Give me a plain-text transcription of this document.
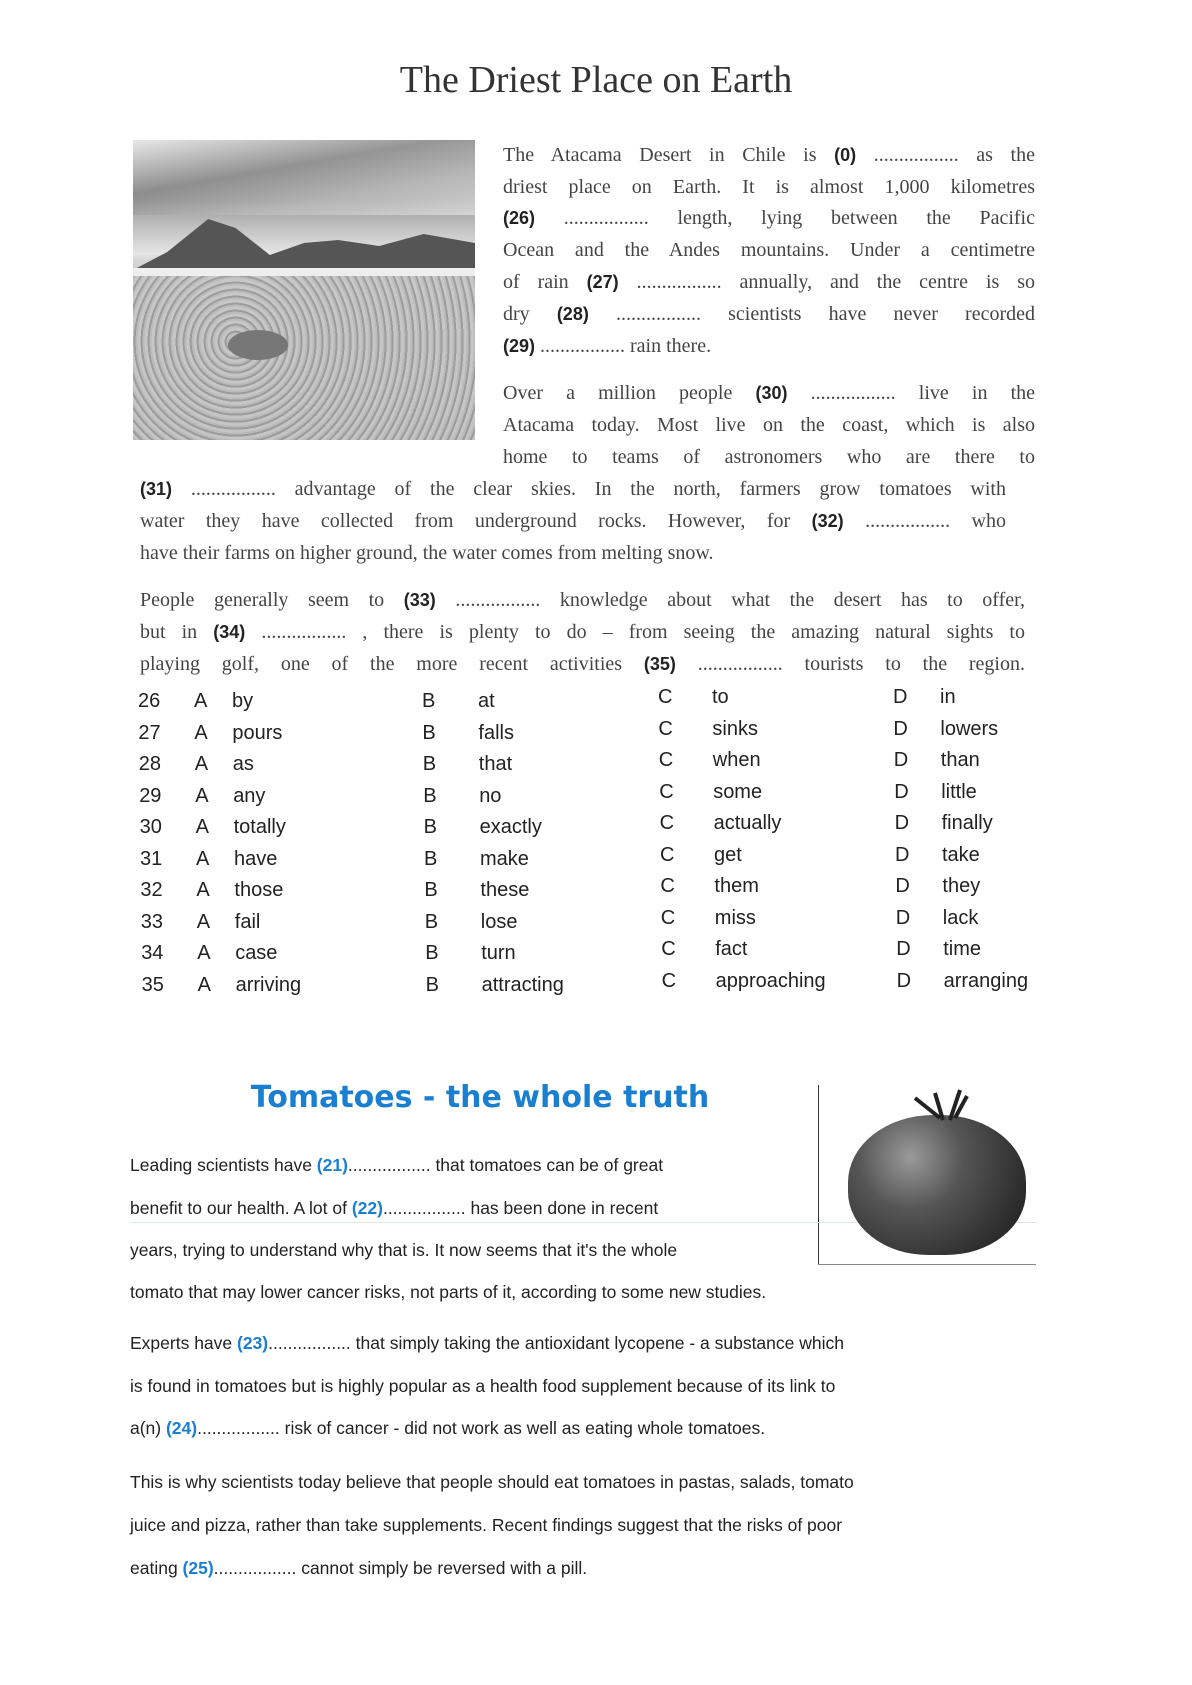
The Driest Place on Earth
The Atacama Desert in Chile is (0) ................. as the
driest place on Earth. It is almost 1,000 kilometres
(26) ................. length, lying between the Pacific
Ocean and the Andes mountains. Under a centimetre
of rain (27) ................. annually, and the centre is so
dry (28) ................. scientists have never recorded
(29) ................. rain there.
Over a million people (30) ................. live in the
Atacama today. Most live on the coast, which is also
home to teams of astronomers who are there to
(31) ................. advantage of the clear skies. In the north, farmers grow tomatoes with
water they have collected from underground rocks. However, for (32) ................. who
have their farms on higher ground, the water comes from melting snow.
People generally seem to (33) ................. knowledge about what the desert has to offer,
but in (34) ................. , there is plenty to do – from seeing the amazing natural sights to
playing golf, one of the more recent activities (35) ................. tourists to the region.
26 A by	B at	C to	D in
27 A pours	B falls	C sinks	D lowers
28 A as	B that	C when	D than
29 A any	B no	C some	D little
30 A totally	B exactly	C actually	D finally
31 A have	B make	C get	D take
32 A those	B these	C them	D they
33 A fail	B lose	C miss	D lack
34 A case	B turn	C fact	D time
35 A arriving	B attracting	C approaching	D arranging
Tomatoes - the whole truth
Leading scientists have (21)................. that tomatoes can be of great
benefit to our health. A lot of (22)................. has been done in recent
years, trying to understand why that is. It now seems that it's the whole
tomato that may lower cancer risks, not parts of it, according to some new studies.
Experts have (23)................. that simply taking the antioxidant lycopene - a substance which
is found in tomatoes but is highly popular as a health food supplement because of its link to
a(n) (24)................. risk of cancer - did not work as well as eating whole tomatoes.
This is why scientists today believe that people should eat tomatoes in pastas, salads, tomato
juice and pizza, rather than take supplements. Recent findings suggest that the risks of poor
eating (25)................. cannot simply be reversed with a pill.
